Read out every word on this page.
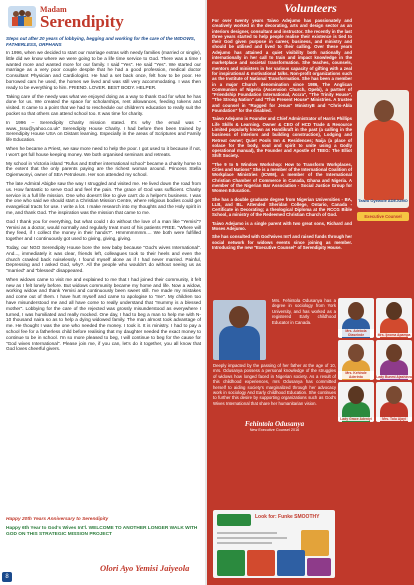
Madam
Serendipity
Steps out after 20 years of lobbying, begging and working for the care of the WIDOWS, FATHERLESS, ORPHANS

In 1996, when we decided to start our marriage extras with needy families (married or single), little did we know where we were going to be a life time service to God. There was a time I wanted more and wanted more for our family. I said "Yes". He said "Yes". We started our marriage as a very poor couple despite that he had a good profession, medical doctor Consultant Physician and Cardiologist. He had a set back once, felt how to be poor. He borrowed cars he used, the homes we lived and was still very accommodating. I was then ready to be everything to him. FRIEND. LOVER. BEST BODY. HELPER.

Taking care of the needy was what we enjoyed doing as a way to thank God for what he has done for us. We created the space for scholarships, rent allowances, feeding tokens and visited. It came to a point that we had to reschedule our children's education to really suit the pocket so that others can attend school too. It was time for charity.

In 1996 – Serendipity Charity mission stated. It's why the email was " www._tssu@yahoo.co.uk" Serendipity House Charity. I had before then been trained by Serendipity House USA on Distant learning. Especially in the areas of Scriptures and Family life Education.

When he became a Priest, we saw more need to help the poor. I got used to it because if not, I won't get full house keeping money. We both organised seminars and retreats.

My school in Victoria island "Rufus and Esther international school" became a charity home to the extent that the only parents paying are the richest woman around. Princess Stella Ogiemwonyi, owner of SEA Petroleum. Her son attended my school.

The late Admiral Abigbe saw the way I struggled and visited me. He lived down the road from us. How fantastic to serve God and feel the pain. The grace of God was sufficient. Charity service is a full life mission. One who doesn't like to give can't do a helper's business. I was the one who said we should start a Christian Mission Centre, where religious bodies could get evangelical tracts for use. I write a lot. I make research into my thoughts and the Holy spirit in me, and thank God. The inspiration was the mission that came to me.

God I thank you for everything, but what could I do without the love of a man like "Yemisi"? Yemisi as a doctor, would normally and regularly treat most of his patients FREE. "Where will they feed, if I collect the money in their hands?". Hmmmmmmm.... We both were fulfilled together and I continuously got used to giving, giving, giving.

Today, our NGO Serendipity House bore the new baby because "God's wives International". And..., immediately it was clear, friends left, colleagues took to their heels and even the church crawled back noiselessly. I found myself alone as if I had never married. Painful, Depressing and I asked God, why?. All the people who wouldn't do without seeing us as "married" and "blessed" disappeared.

When widows came to visit me and explained to me that I had joined their community, it felt new as I felt lonely before. But widows community became my home and life. Now a widow, working widow and thank Yemisi and continuously been sweet still. I've made my mistakes and come out of them. I have hurt myself and came to apologise to "me". My children too have misunderstood me and all have come to really understand that "mummy is a blessed mother". Lobbying for the care of the rejected was grossly misunderstood as everywhere I turned, I was humiliated and really mocked. One day, I had to beg a man to help me with N- 10 thousand naira so as to help a dying widowed family. The man almost took advantage of me. He thought I was the one who needed the money. I took it. It is ministry. I had to pay a school fee for a fatherless child before realising that my daughter needed the exact money to continue to be in school. I'm so more pleased to beg, I will continue to beg for the cause for "God wives International". Please join me, if you can, let's do it together, you all know that God loves cheerful givers.

Happy 20th Years Anniversary to Serendipity
Happy 6th Year to God's Wives Int'l. WELCOME TO ANOTHER LONGER WALK WITH GOD ON THIS STRATEGIC MISSION PROJECT
Olori Ayo Yemisi Jaiyeola
8
Volunteers

For over twenty years Taiwo Adejumo has passionately and creatively worked in the decorating, arts and design sector as an interiors designer, consultant and instructor. She recently in the last three years started to help people realise their existence is tied to their God given purpose in career, business, and ministry and should be utilised and lived to their calling. Over these years Adejumo has attained a quiet visibility both nationally and internationally in her call to train and impact knowledge in the marketplace and societal transformation. She teaches, counsels, mentors and ministers in her various capacity of gifting with a zeal for inspirational & motivational talks. Non-profit organizations such as the Institute of National Transformation. She has been a member in a major Church denomination since 1986, The Anglican Communion of Nigeria (Ascension Church, Opebi), a partner of "Friendship Foundation International, Accra", "The Trinity House", "The Strong Nation" and "This Present House" Ministries. A trustee and counsel in "Rugged for Jesus" MinistryB and "Chris-Abla Foundation" for the disabled.

Taiwo Adejumo is Founder and Chief Administrator of Harris Phillips Life Skills & Learning. Owner & CEO of HCD Trade & Resource Limited popularly known as Handikraft in the past (a calling in the business of interiors and building construction), Lodging and Retreat owner; Quiet Pools Inn & Residences; Naija (a place of solace for the body, soul and spirit to unite using a Godly operational manual), the Founder and Apostle of TEEG: The Elliot Shift Society.

"The 9 to 5 Window Workshop: How to Transform Workplaces, Cities and Nations" She is a member of the International Coalition of Workplace Ministries (ICWM), a member of the International Christian Chamber of Commerce in Canada, Ghana and Nigeria. A member of the Nigerian Bar Association - Social Justice Group for Women Education.

She has a double graduate degree from Nigerian Universities - BA, LLB, and BL. Attended Sheridan College, Ontario, Canada - Certificate in Decorating; a theological Diploma at the RCCG Bible School, a ministry of the Redeemed Christian Church of God.

Taiwo Adejumo is a single parent with two great sons, Richard and Moses Adejumo.

She has consulted with God'wives Int'l and raised funds through her social network for widows events since joining as member. Introducing the new "Executive Counsel" of Serendipity House.

Taiwo Oyewole ADEJUMO
Executive Counsel

Mrs. Fehintola Odusanya has a degree in sociology from York University, and has worked as a registered Early childhood Educator in Canada.

Deeply impacted by the passing of her father at the age of 10, mrs. Odusanya possess a personal knowledge of the struggles of widows how longed faced in Nigerian society. As a result of this childhood experiences, mrs Odusanya has committed herself to aiding society's marginalized through her advocacy work in sociology And Early childhood Education. She continues to further this desire by supporting organizations such as God's Wives International that share her humanitarian vision.

Fehintola Odusanya
New Executive Counsel 2016
Mrs. Adebola Olaseinde	Mrs. Ijeoma Apampa
Mrs. Kehinde Aderinto	Lady Bunmi Ajashinra
Lady Grace Adeniyi	Mrs. Tolu Ajayi
Look for: Funke SMOOTHY
